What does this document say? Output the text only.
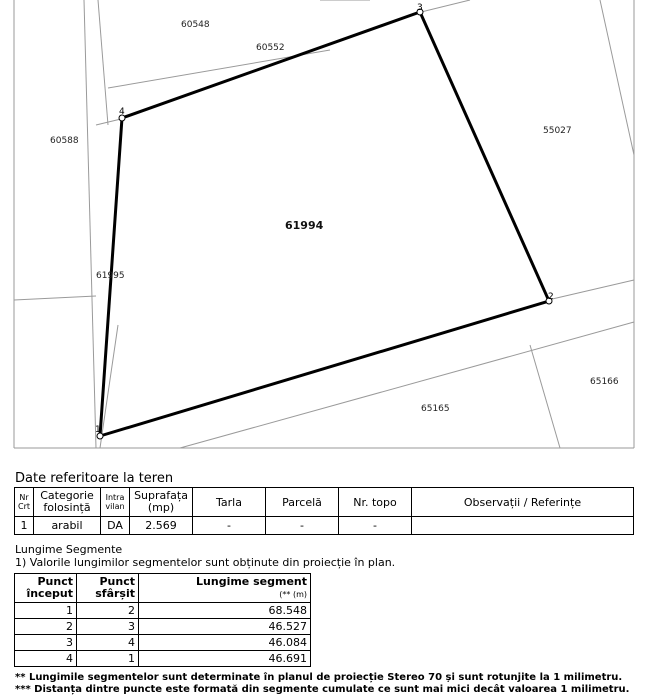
60548
60552
60588
55027
61994
61995
65166
65165
1
2
3
4
Date referitoare la teren
Nr Crt	Categorie folosință	Intra vilan	Suprafața (mp)	Tarla	Parcelă	Nr. topo	Observații / Referințe
1	arabil	DA	2.569	-	-	-	
Lungime Segmente
1) Valorile lungimilor segmentelor sunt obținute din proiecție în plan.
Punct început	Punct sfârșit	Lungime segment
(** (m)
1	2	68.548
2	3	46.527
3	4	46.084
4	1	46.691
** Lungimile segmentelor sunt determinate în planul de proiecție Stereo 70 și sunt rotunjite la 1 milimetru.
*** Distanța dintre puncte este formată din segmente cumulate ce sunt mai mici decât valoarea 1 milimetru.
